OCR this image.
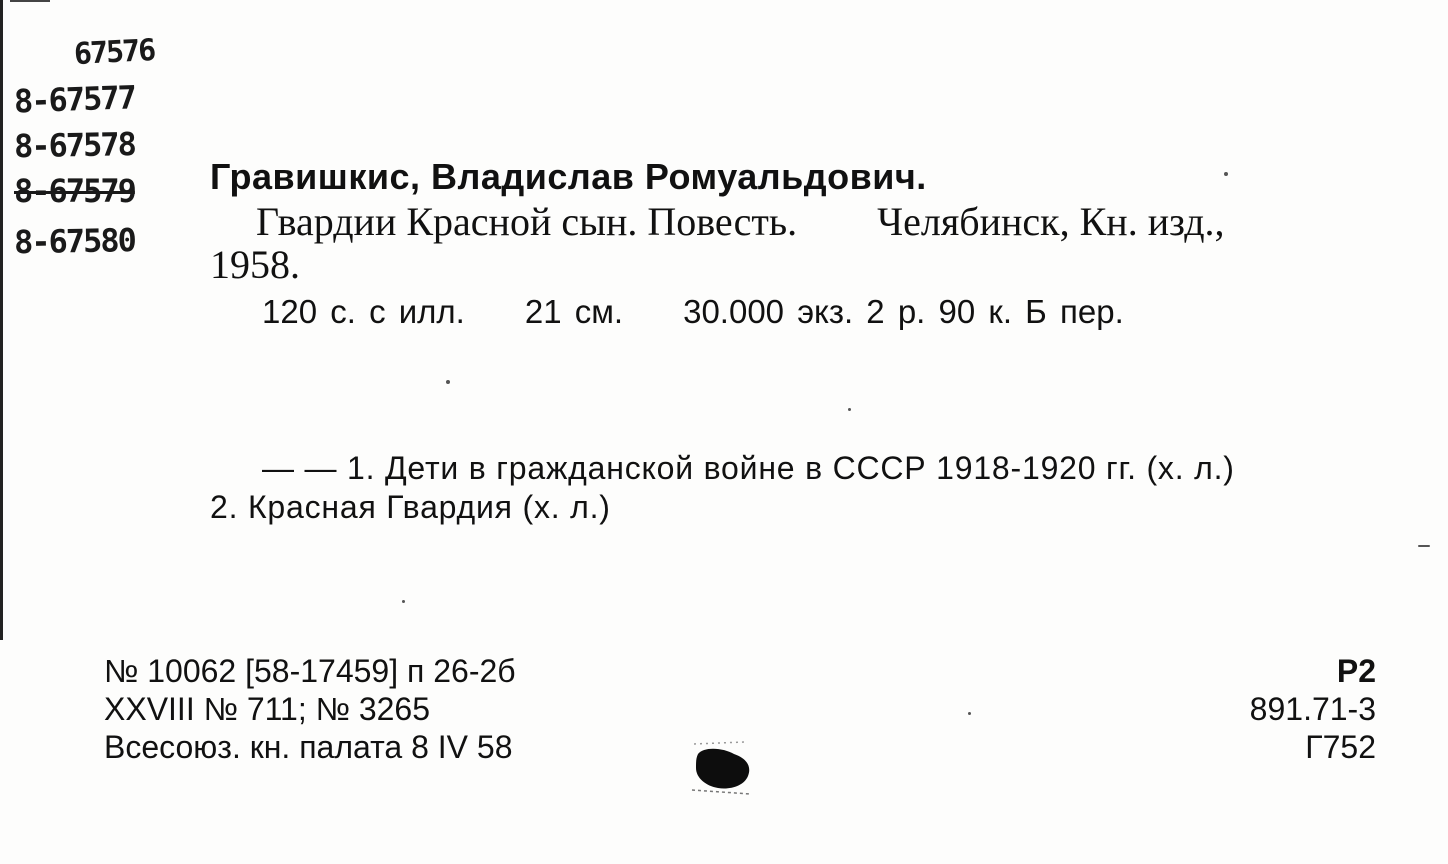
67576
8-67577
8-67578
8-67579
8-67580
Гравишкис, Владислав Ромуальдович.
Гвардии Красной сын. Повесть. Челябинск, Кн. изд.,
1958.
120 с. с илл. 21 см. 30.000 экз. 2 р. 90 к. Б пер.
— — 1. Дети в гражданской войне в СССР 1918-1920 гг. (х. л.)
2. Красная Гвардия (х. л.)
№ 10062 [58-17459] п 26-2б
XXVIII № 711; № 3265
Всесоюз. кн. палата 8 IV 58
Р2
891.71-3
Г752
